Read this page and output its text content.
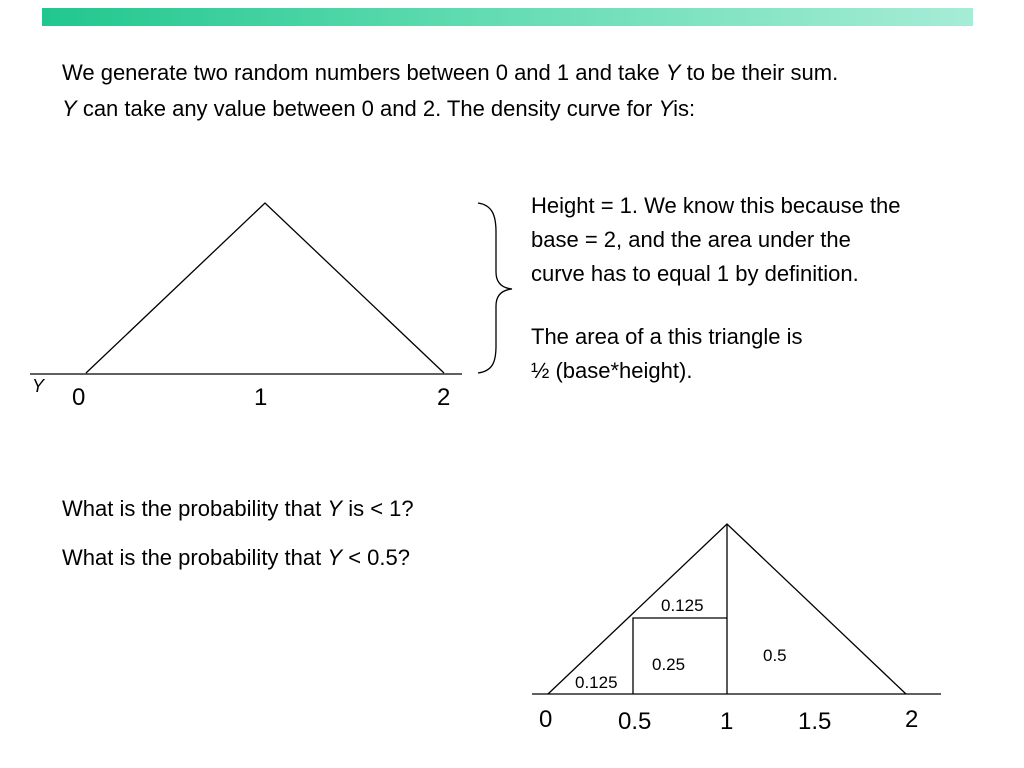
We generate two random numbers between 0 and 1 and take Y to be their sum.
Y can take any value between 0 and 2. The density curve for Yis:
Y 0	1	2
Height = 1. We know this because the
base = 2, and the area under the
curve has to equal 1 by definition.
The area of a this triangle is
½ (base*height).
What is the probability that Y is < 1?
What is the probability that Y < 0.5?
0.125
0.25
0.125
0.5
0	0.5	1	1.5	2
